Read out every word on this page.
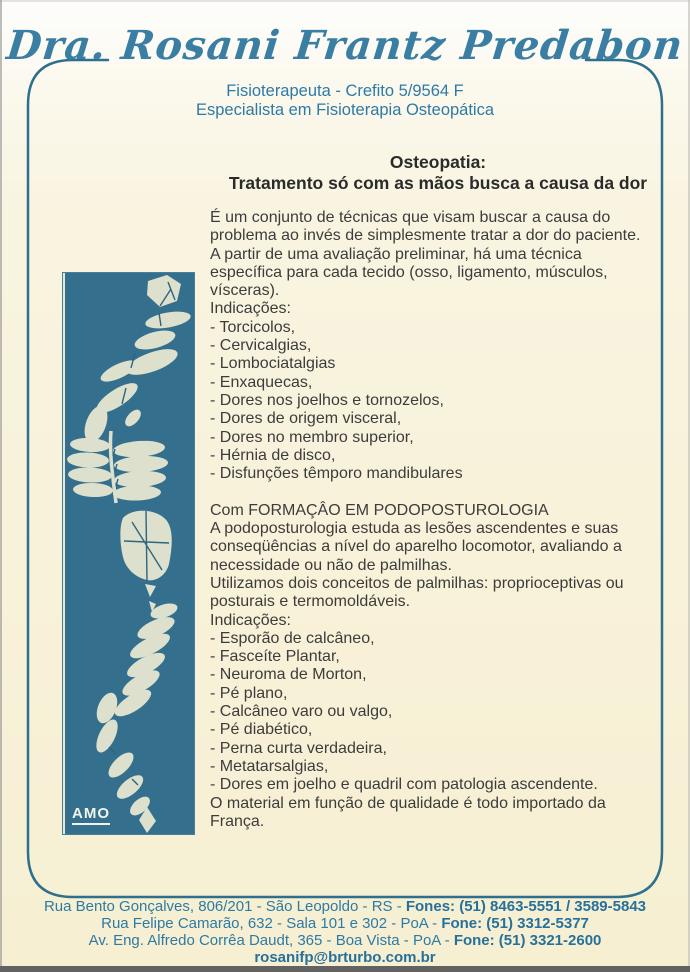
Dra. Rosani Frantz Predabon
Fisioterapeuta - Crefito 5/9564 F
Especialista em Fisioterapia Osteopática
AMO
Osteopatia:
Tratamento só com as mãos busca a causa da dor
É um conjunto de técnicas que visam buscar a causa do
problema ao invés de simplesmente tratar a dor do paciente.
A partir de uma avaliação preliminar, há uma técnica
específica para cada tecido (osso, ligamento, músculos,
vísceras).
Indicações:
- Torcicolos,
- Cervicalgias,
- Lombociatalgias
- Enxaquecas,
- Dores nos joelhos e tornozelos,
- Dores de origem visceral,
- Dores no membro superior,
- Hérnia de disco,
- Disfunções têmporo mandibulares
Com FORMAÇÂO EM PODOPOSTUROLOGIA
A podoposturologia estuda as lesões ascendentes e suas
conseqüências a nível do aparelho locomotor, avaliando a
necessidade ou não de palmilhas.
Utilizamos dois conceitos de palmilhas: proprioceptivas ou
posturais e termomoldáveis.
Indicações:
- Esporão de calcâneo,
- Fasceíte Plantar,
- Neuroma de Morton,
- Pé plano,
- Calcâneo varo ou valgo,
- Pé diabético,
- Perna curta verdadeira,
- Metatarsalgias,
- Dores em joelho e quadril com patologia ascendente.
O material em função de qualidade é todo importado da
França.
Rua Bento Gonçalves, 806/201 - São Leopoldo - RS - Fones: (51) 8463-5551 / 3589-5843
Rua Felipe Camarão, 632 - Sala 101 e 302 - PoA - Fone: (51) 3312-5377
Av. Eng. Alfredo Corrêa Daudt, 365 - Boa Vista - PoA - Fone: (51) 3321-2600
rosanifp@brturbo.com.br
